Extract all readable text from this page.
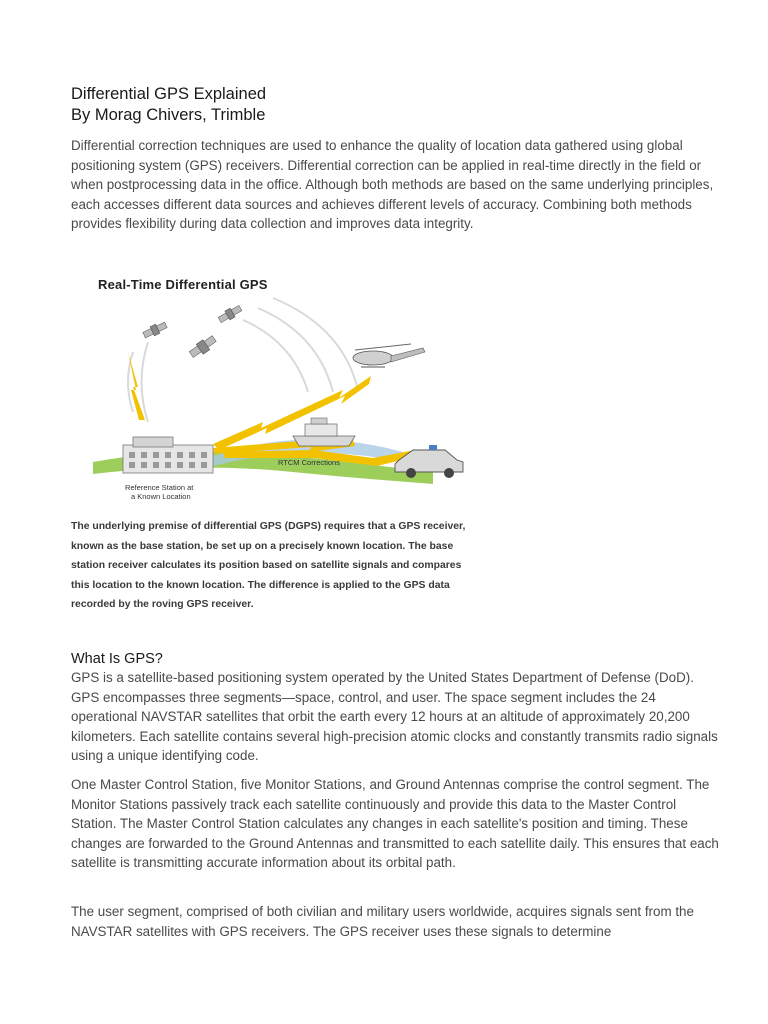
Differential GPS Explained
By Morag Chivers, Trimble

Differential correction techniques are used to enhance the quality of location data gathered using global positioning system (GPS) receivers. Differential correction can be applied in real-time directly in the field or when postprocessing data in the office. Although both methods are based on the same underlying principles, each accesses different data sources and achieves different levels of accuracy. Combining both methods provides flexibility during data collection and improves data integrity.

Real-Time Differential GPS
RTCM Corrections
Reference Station at
a Known Location

The underlying premise of differential GPS (DGPS) requires that a GPS receiver, known as the base station, be set up on a precisely known location. The base station receiver calculates its position based on satellite signals and compares this location to the known location. The difference is applied to the GPS data recorded by the roving GPS receiver.

What Is GPS?

GPS is a satellite-based positioning system operated by the United States Department of Defense (DoD). GPS encompasses three segments—space, control, and user. The space segment includes the 24 operational NAVSTAR satellites that orbit the earth every 12 hours at an altitude of approximately 20,200 kilometers. Each satellite contains several high-precision atomic clocks and constantly transmits radio signals using a unique identifying code.

One Master Control Station, five Monitor Stations, and Ground Antennas comprise the control segment. The Monitor Stations passively track each satellite continuously and provide this data to the Master Control Station. The Master Control Station calculates any changes in each satellite's position and timing. These changes are forwarded to the Ground Antennas and transmitted to each satellite daily. This ensures that each satellite is transmitting accurate information about its orbital path.

The user segment, comprised of both civilian and military users worldwide, acquires signals sent from the NAVSTAR satellites with GPS receivers. The GPS receiver uses these signals to determine
